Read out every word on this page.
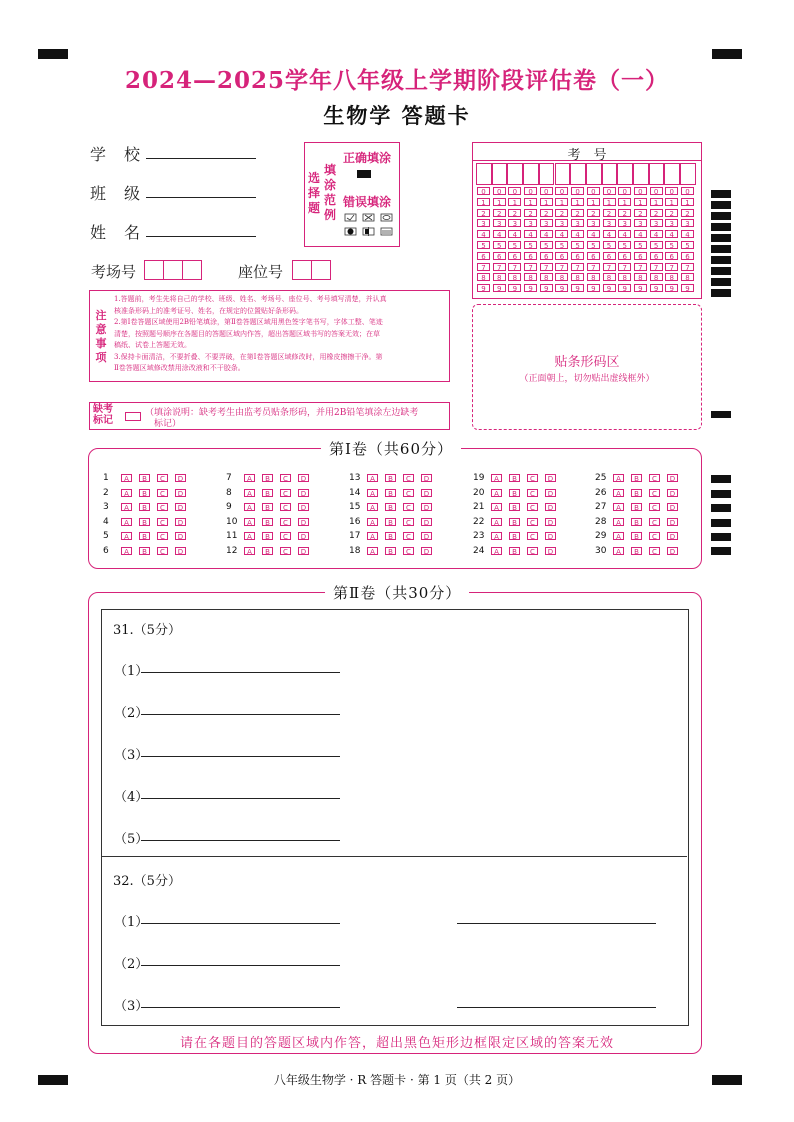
2024—2025学年八年级上学期阶段评估卷（一）
生物学 答题卡
学校
班级
姓名
考场号	座位号
选择题
填涂范例
正确填涂
错误填涂
考　号
0	0	0	0	0	0	0	0	0	0	0	0	0	0
1	1	1	1	1	1	1	1	1	1	1	1	1	1
2	2	2	2	2	2	2	2	2	2	2	2	2	2
3	3	3	3	3	3	3	3	3	3	3	3	3	3
4	4	4	4	4	4	4	4	4	4	4	4	4	4
5	5	5	5	5	5	5	5	5	5	5	5	5	5
6	6	6	6	6	6	6	6	6	6	6	6	6	6
7	7	7	7	7	7	7	7	7	7	7	7	7	7
8	8	8	8	8	8	8	8	8	8	8	8	8	8
9	9	9	9	9	9	9	9	9	9	9	9	9	9
注意事项
1.答题前，考生先将自己的学校、班级、姓名、考场号、座位号、考号填写清楚，并认真
核准条形码上的准考证号、姓名，在规定的位置贴好条形码。
2.第Ⅰ卷答题区域使用2B铅笔填涂，第Ⅱ卷答题区域用黑色签字笔书写，字体工整、笔迹
清楚，按照题号顺序在各题目的答题区域内作答，超出答题区域书写的答案无效；在草
稿纸、试卷上答题无效。
3.保持卡面清洁，不要折叠、不要弄破，在第Ⅰ卷答题区域修改时，用橡皮擦擦干净。第
Ⅱ卷答题区域修改禁用涂改液和不干胶条。	贴条形码区
（正面朝上，切勿贴出虚线框外）
缺考标记
（填涂说明：缺考考生由监考员贴条形码，并用2B铅笔填涂左边缺考
标记）
第Ⅰ卷（共60分）
1	A	B	C	D
2	A	B	C	D
3	A	B	C	D
4	A	B	C	D
5	A	B	C	D
6	A	B	C	D
7	A	B	C	D
8	A	B	C	D
9	A	B	C	D
10	A	B	C	D
11	A	B	C	D
12	A	B	C	D
13	A	B	C	D
14	A	B	C	D
15	A	B	C	D
16	A	B	C	D
17	A	B	C	D
18	A	B	C	D
19	A	B	C	D
20	A	B	C	D
21	A	B	C	D
22	A	B	C	D
23	A	B	C	D
24	A	B	C	D
25	A	B	C	D
26	A	B	C	D
27	A	B	C	D
28	A	B	C	D
29	A	B	C	D
30	A	B	C	D
第Ⅱ卷（共30分）
31.（5分）
（1）
（2）
（3）
（4）
（5）
32.（5分）
（1）
（2）
（3）
请在各题目的答题区域内作答，超出黑色矩形边框限定区域的答案无效
八年级生物学 · R 答题卡 · 第 1 页（共 2 页）
